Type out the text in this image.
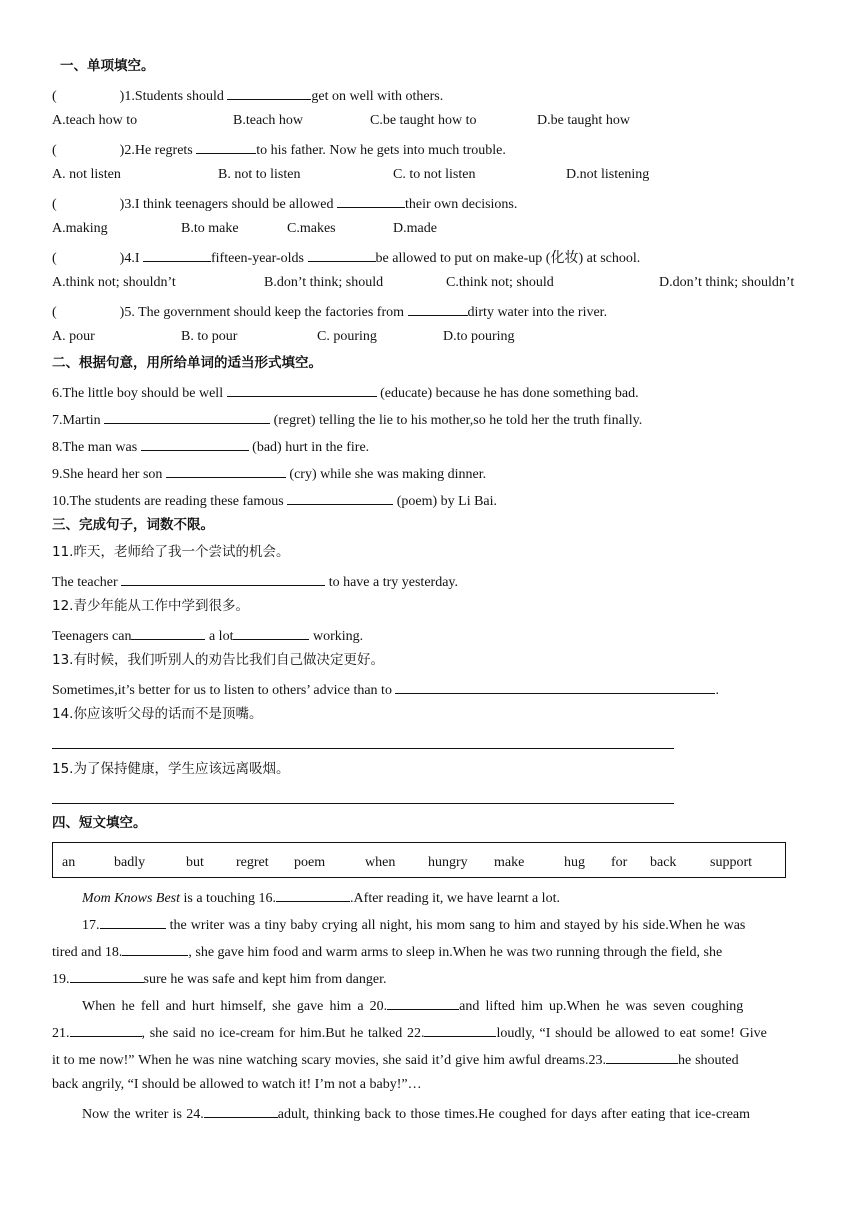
一、单项填空。
(	)1.Students should	get on well with others.
A.teach how to	B.teach how	C.be taught how to	D.be taught how
(	)2.He regrets	to his father. Now he gets into much trouble.
A. not listen	B. not to listen	C. to not listen	D.not listening
(	)3.I think teenagers should be allowed	their own decisions.
A.making	B.to make	C.makes	D.made
(	)4.I	fifteen-year-olds	be allowed to put on make-up (化妆) at school.
A.think not; shouldn’t	B.don’t think; should	C.think not; should	D.don’t think; shouldn’t
(	)5. The government should keep the factories from	dirty water into the river.
A. pour	B. to pour	C. pouring	D.to pouring
二、根据句意，用所给单词的适当形式填空。
6.The little boy should be well	(educate) because he has done something bad.
7.Martin	(regret) telling the lie to his mother,so he told her the truth finally.
8.The man was	(bad) hurt in the fire.
9.She heard her son	(cry) while she was making dinner.
10.The students are reading these famous	(poem) by Li Bai.
三、完成句子，词数不限。
11.昨天，老师给了我一个尝试的机会。
The teacher	to have a try yesterday.
12.青少年能从工作中学到很多。
Teenagers can	a lot	working.
13.有时候，我们听别人的劝告比我们自己做决定更好。
Sometimes,it’s better for us to listen to others’ advice than to	.
14.你应该听父母的话而不是顶嘴。
15.为了保持健康，学生应该远离吸烟。
四、短文填空。
an	badly	but regret poem	when hungry make	hug for back support
Mom Knows Best is a touching 16.	.After reading it, we have learnt a lot.
17.	the writer was a tiny baby crying all night, his mom sang to him and stayed by his side.When he was
tired and 18.	, she gave him food and warm arms to sleep in.When he was two running through the field, she
19.	sure he was safe and kept him from danger.
When he fell and hurt himself, she gave him a 20.	and lifted him up.When he was seven coughing
21.	, she said no ice-cream for him.But he talked 22.	loudly, “I should be allowed to eat some! Give
it to me now!” When he was nine watching scary movies, she said it’d give him awful dreams.23.	he shouted
back angrily, “I should be allowed to watch it! I’m not a baby!”…
Now the writer is 24.	adult, thinking back to those times.He coughed for days after eating that ice-cream
